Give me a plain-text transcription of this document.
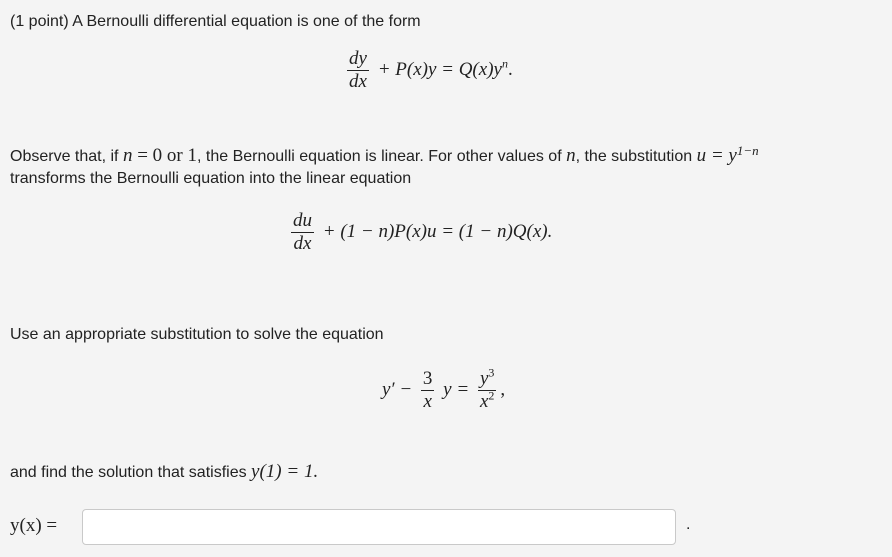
(1 point) A Bernoulli differential equation is one of the form
$\frac{dy}{dx} + P(x)y = Q(x)y^n$.
Observe that, if n = 0 or 1, the Bernoulli equation is linear. For other values of n, the substitution $u = y^{1-n}$
transforms the Bernoulli equation into the linear equation
$\frac{du}{dx} + (1 - n)P(x)u = (1 - n)Q(x)$.
Use an appropriate substitution to solve the equation
$y' - \frac{3}{x}$ $y = \frac{y^3}{x^2}$ ,
and find the solution that satisfies y(1) = 1.
y(x) =	.
